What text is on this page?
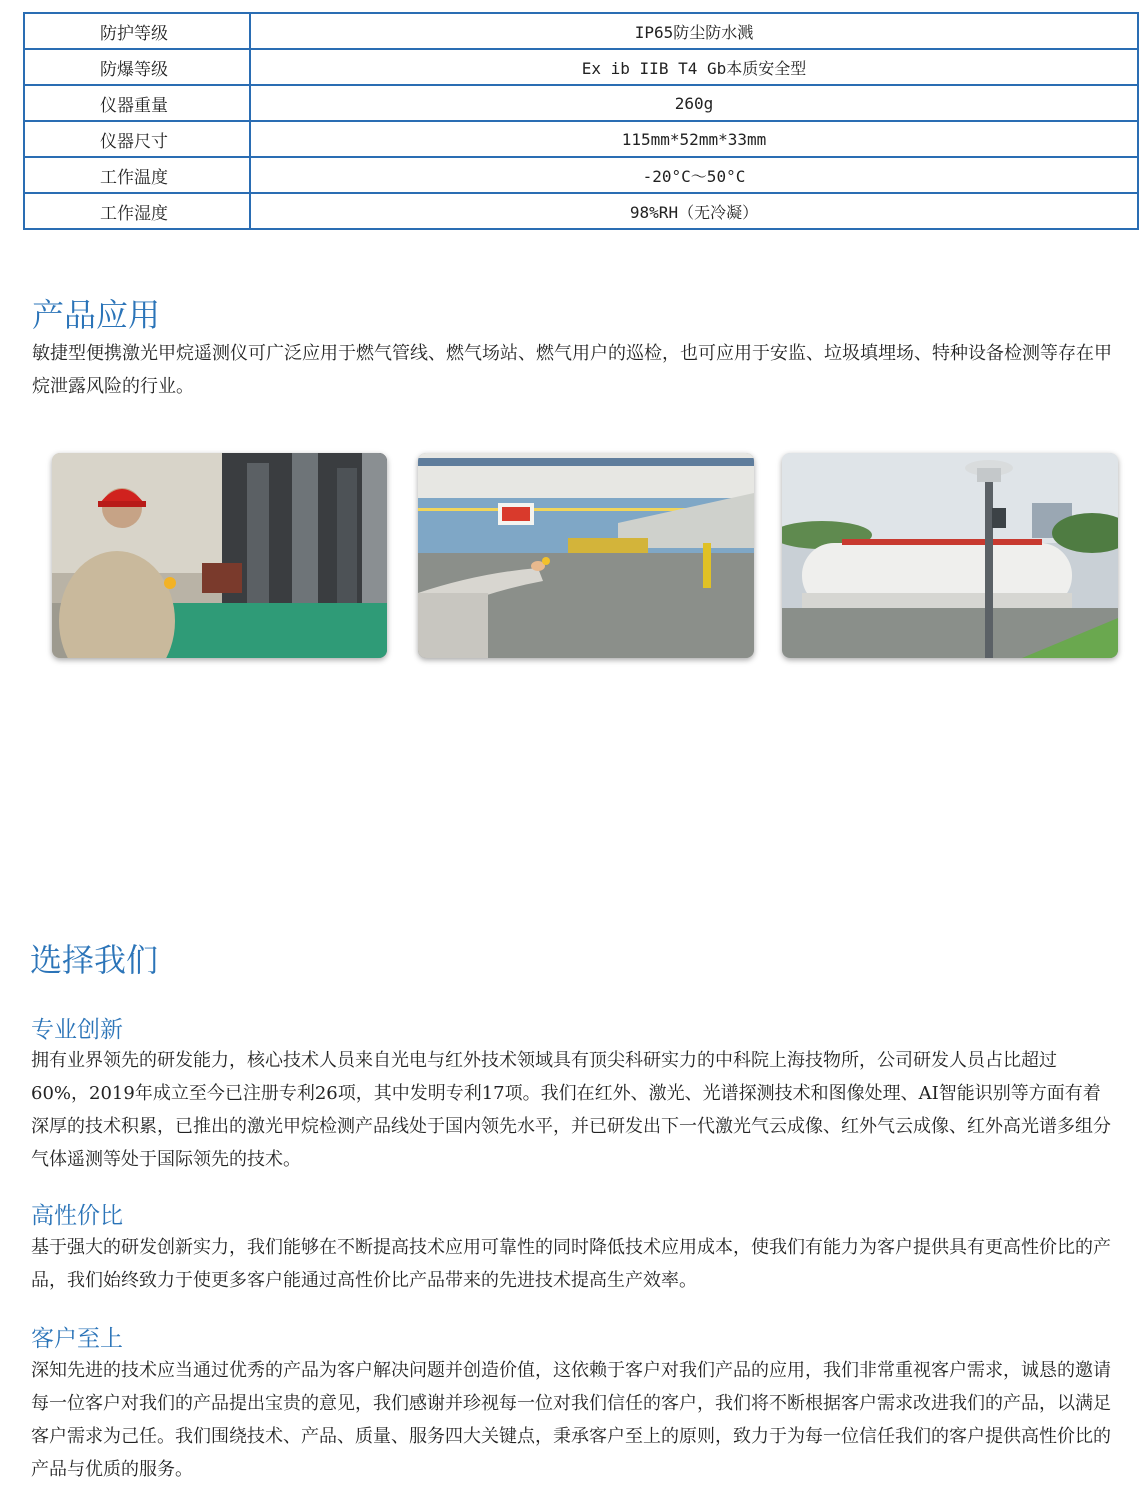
防护等级	IP65防尘防水溅
防爆等级	Ex ib IIB T4 Gb本质安全型
仪器重量	260g
仪器尺寸	115mm*52mm*33mm
工作温度	-20°C～50°C
工作湿度	98%RH（无冷凝）
产品应用

敏捷型便携激光甲烷遥测仪可广泛应用于燃气管线、燃气场站、燃气用户的巡检，也可应用于安监、垃圾填埋场、特种设备检测等存在甲烷泄露风险的行业。

选择我们
专业创新

拥有业界领先的研发能力，核心技术人员来自光电与红外技术领域具有顶尖科研实力的中科院上海技物所，公司研发人员占比超过60%，2019年成立至今已注册专利26项，其中发明专利17项。我们在红外、激光、光谱探测技术和图像处理、AI智能识别等方面有着深厚的技术积累，已推出的激光甲烷检测产品线处于国内领先水平，并已研发出下一代激光气云成像、红外气云成像、红外高光谱多组分气体遥测等处于国际领先的技术。

高性价比

基于强大的研发创新实力，我们能够在不断提高技术应用可靠性的同时降低技术应用成本，使我们有能力为客户提供具有更高性价比的产品，我们始终致力于使更多客户能通过高性价比产品带来的先进技术提高生产效率。

客户至上

深知先进的技术应当通过优秀的产品为客户解决问题并创造价值，这依赖于客户对我们产品的应用，我们非常重视客户需求，诚恳的邀请每一位客户对我们的产品提出宝贵的意见，我们感谢并珍视每一位对我们信任的客户，我们将不断根据客户需求改进我们的产品，以满足客户需求为己任。我们围绕技术、产品、质量、服务四大关键点，秉承客户至上的原则，致力于为每一位信任我们的客户提供高性价比的产品与优质的服务。
